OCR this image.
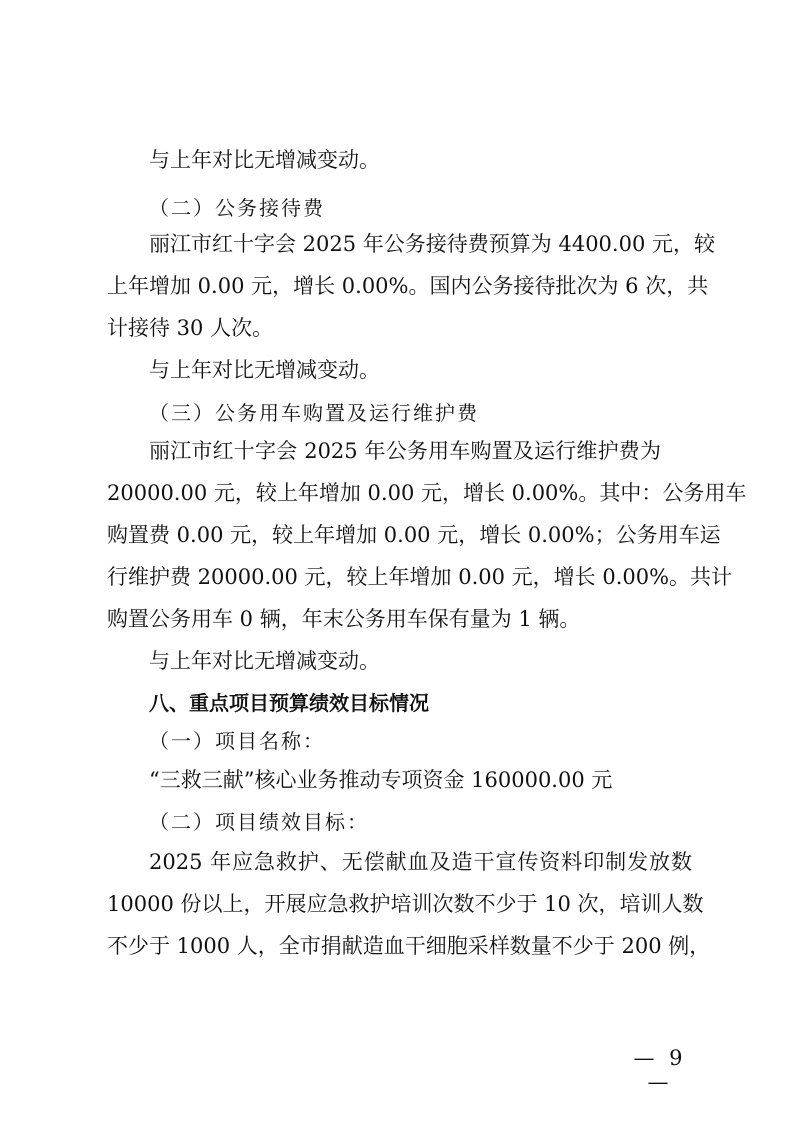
与上年对比无增减变动。
（二）公务接待费
丽江市红十字会 2025 年公务接待费预算为 4400.00 元，较
上年增加 0.00 元，增长 0.00%。国内公务接待批次为 6 次，共
计接待 30 人次。
与上年对比无增减变动。
（三）公务用车购置及运行维护费
丽江市红十字会 2025 年公务用车购置及运行维护费为
20000.00 元，较上年增加 0.00 元，增长 0.00%。其中：公务用车
购置费 0.00 元，较上年增加 0.00 元，增长 0.00%；公务用车运
行维护费 20000.00 元，较上年增加 0.00 元，增长 0.00%。共计
购置公务用车 0 辆，年末公务用车保有量为 1 辆。
与上年对比无增减变动。
八、重点项目预算绩效目标情况
（一）项目名称：
“三救三献”核心业务推动专项资金 160000.00 元
（二）项目绩效目标：
2025 年应急救护、无偿献血及造干宣传资料印制发放数
10000 份以上，开展应急救护培训次数不少于 10 次，培训人数
不少于 1000 人，全市捐献造血干细胞采样数量不少于 200 例，
— 9 —
